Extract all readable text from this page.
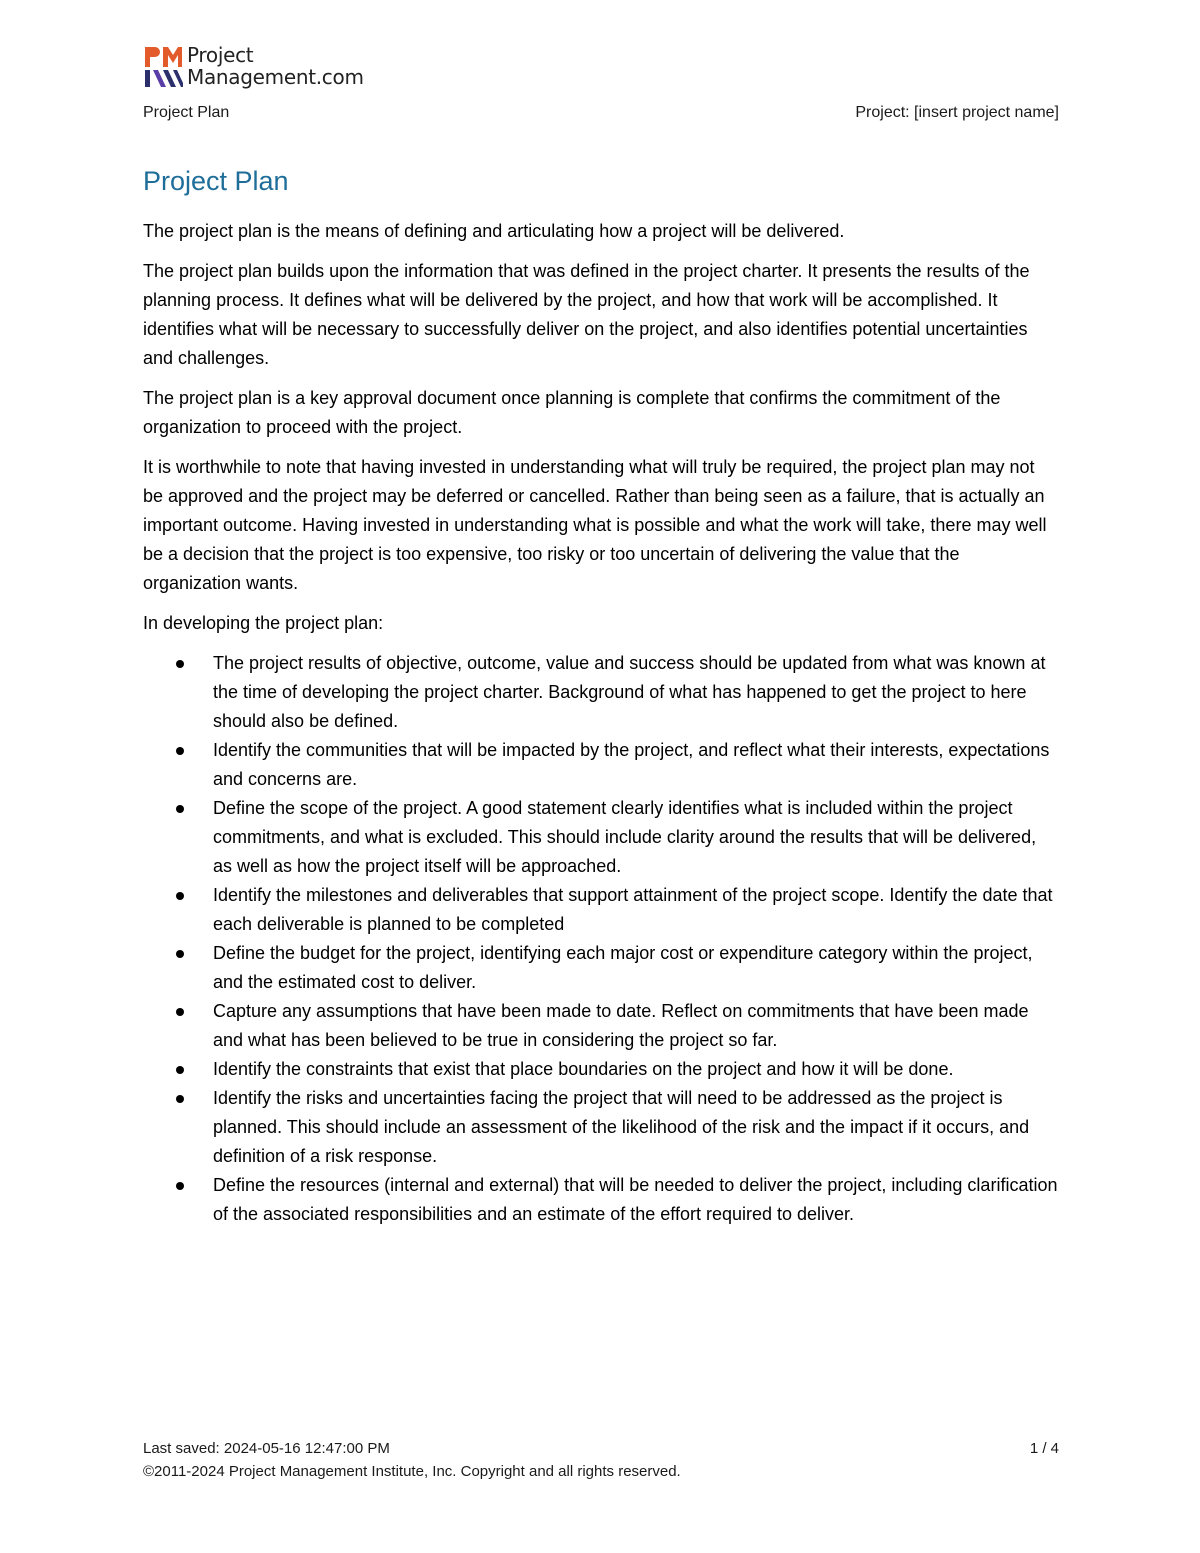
Project
Management.com
Project Plan	Project: [insert project name]
Project Plan

The project plan is the means of defining and articulating how a project will be delivered.

The project plan builds upon the information that was defined in the project charter. It presents the results of the planning process. It defines what will be delivered by the project, and how that work will be accomplished. It identifies what will be necessary to successfully deliver on the project, and also identifies potential uncertainties and challenges.

The project plan is a key approval document once planning is complete that confirms the commitment of the organization to proceed with the project.

It is worthwhile to note that having invested in understanding what will truly be required, the project plan may not be approved and the project may be deferred or cancelled. Rather than being seen as a failure, that is actually an important outcome. Having invested in understanding what is possible and what the work will take, there may well be a decision that the project is too expensive, too risky or too uncertain of delivering the value that the organization wants.

In developing the project plan:

The project results of objective, outcome, value and success should be updated from what was known at the time of developing the project charter. Background of what has happened to get the project to here should also be defined.
Identify the communities that will be impacted by the project, and reflect what their interests, expectations and concerns are.
Define the scope of the project. A good statement clearly identifies what is included within the project commitments, and what is excluded. This should include clarity around the results that will be delivered, as well as how the project itself will be approached.
Identify the milestones and deliverables that support attainment of the project scope. Identify the date that each deliverable is planned to be completed
Define the budget for the project, identifying each major cost or expenditure category within the project, and the estimated cost to deliver.
Capture any assumptions that have been made to date. Reflect on commitments that have been made and what has been believed to be true in considering the project so far.
Identify the constraints that exist that place boundaries on the project and how it will be done.
Identify the risks and uncertainties facing the project that will need to be addressed as the project is planned. This should include an assessment of the likelihood of the risk and the impact if it occurs, and definition of a risk response.
Define the resources (internal and external) that will be needed to deliver the project, including clarification of the associated responsibilities and an estimate of the effort required to deliver.
Last saved: 2024-05-16 12:47:00 PM	1 / 4
©2011-2024 Project Management Institute, Inc. Copyright and all rights reserved.
